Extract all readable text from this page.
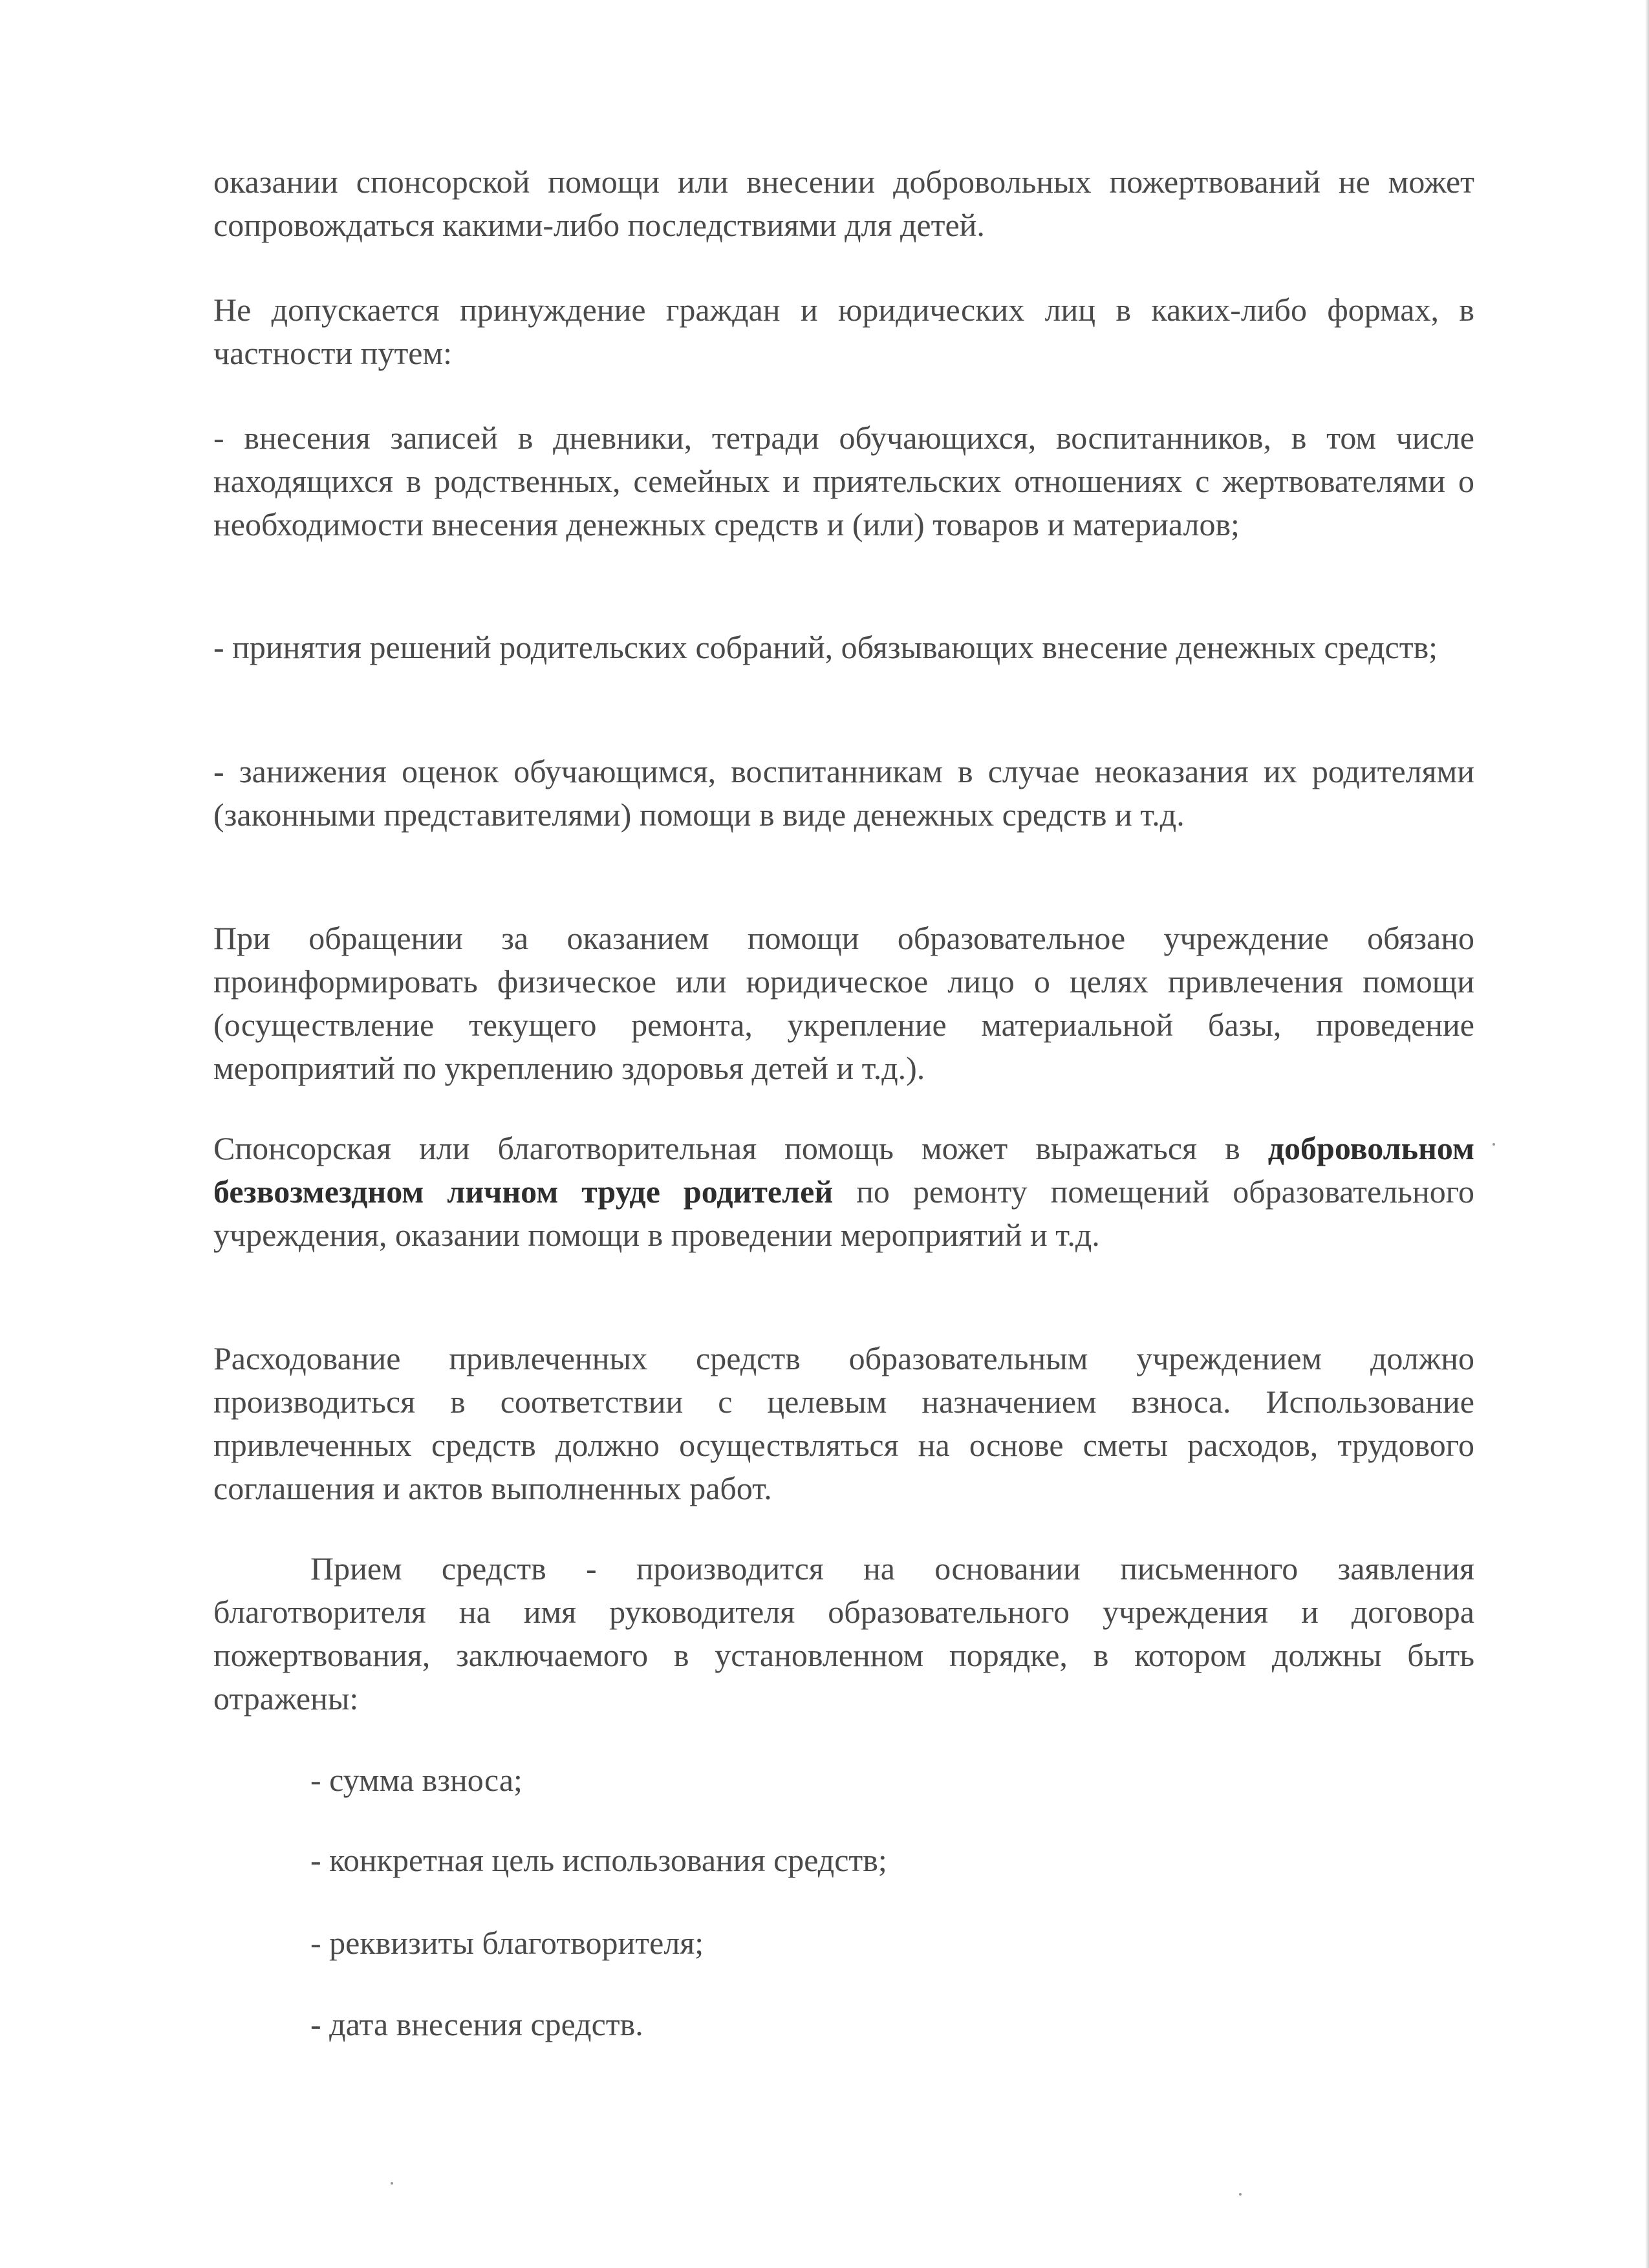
оказании спонсорской помощи или внесении добровольных пожертвований не может сопровождаться какими-либо последствиями для детей.

Не допускается принуждение граждан и юридических лиц в каких-либо формах, в частности путем:

- внесения записей в дневники, тетради обучающихся, воспитанников, в том числе находящихся в родственных, семейных и приятельских отношениях с жертвователями о необходимости внесения денежных средств и (или) товаров и материалов;

- принятия решений родительских собраний, обязывающих внесение денежных средств;

- занижения оценок обучающимся, воспитанникам в случае неоказания их родителями (законными представителями) помощи в виде денежных средств и т.д.

При обращении за оказанием помощи образовательное учреждение обязано проинформировать физическое или юридическое лицо о целях привлечения помощи (осуществление текущего ремонта, укрепление материальной базы, проведение мероприятий по укреплению здоровья детей и т.д.).

Спонсорская или благотворительная помощь может выражаться в добровольном безвозмездном личном труде родителей по ремонту помещений образовательного учреждения, оказании помощи в проведении мероприятий и т.д.

Расходование привлеченных средств образовательным учреждением должно производиться в соответствии с целевым назначением взноса. Использование привлеченных средств должно осуществляться на основе сметы расходов, трудового соглашения и актов выполненных работ.

Прием средств - производится на основании письменного заявления благотворителя на имя руководителя образовательного учреждения и договора пожертвования, заключаемого в установленном порядке, в котором должны быть отражены:

- сумма взноса;

- конкретная цель использования средств;

- реквизиты благотворителя;

- дата внесения средств.
